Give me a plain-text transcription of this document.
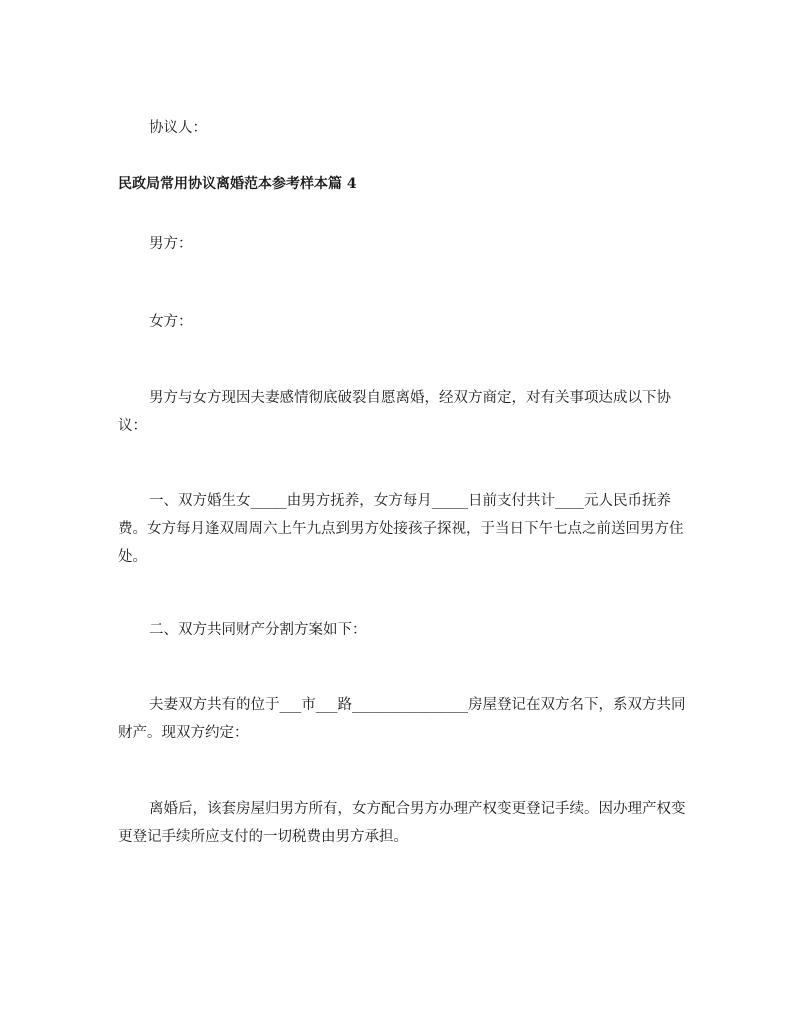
协议人：

民政局常用协议离婚范本参考样本篇 4

男方：

女方：

男方与女方现因夫妻感情彻底破裂自愿离婚，经双方商定，对有关事项达成以下协议：

一、双方婚生女_____由男方抚养，女方每月_____日前支付共计____元人民币抚养费。女方每月逢双周周六上午九点到男方处接孩子探视，于当日下午七点之前送回男方住处。

二、双方共同财产分割方案如下：

夫妻双方共有的位于___市___路________________房屋登记在双方名下，系双方共同财产。现双方约定：

离婚后，该套房屋归男方所有，女方配合男方办理产权变更登记手续。因办理产权变更登记手续所应支付的一切税费由男方承担。
